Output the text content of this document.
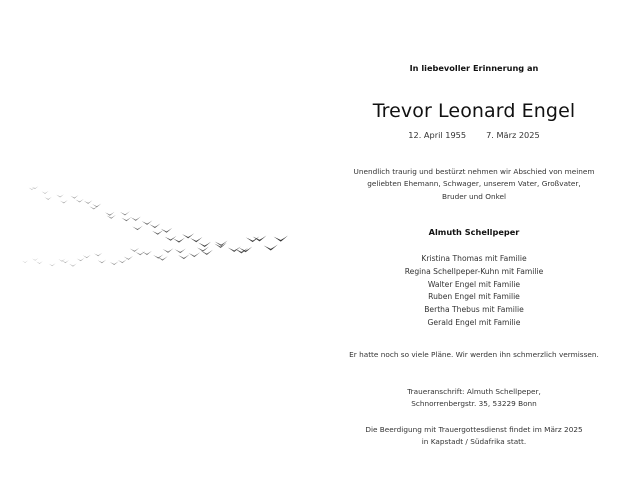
In liebevoller Erinnerung an
Trevor Leonard Engel
12. April 1955 7. März 2025
Unendlich traurig und bestürzt nehmen wir Abschied von meinem
geliebten Ehemann, Schwager, unserem Vater, Großvater,
Bruder und Onkel
Almuth Schellpeper
Kristina Thomas mit Familie
Regina Schellpeper-Kuhn mit Familie
Walter Engel mit Familie
Ruben Engel mit Familie
Bertha Thebus mit Familie
Gerald Engel mit Familie
Er hatte noch so viele Pläne. Wir werden ihn schmerzlich vermissen.
Traueranschrift: Almuth Schellpeper,
Schnorrenbergstr. 35, 53229 Bonn
Die Beerdigung mit Trauergottesdienst findet im März 2025
in Kapstadt / Südafrika statt.
